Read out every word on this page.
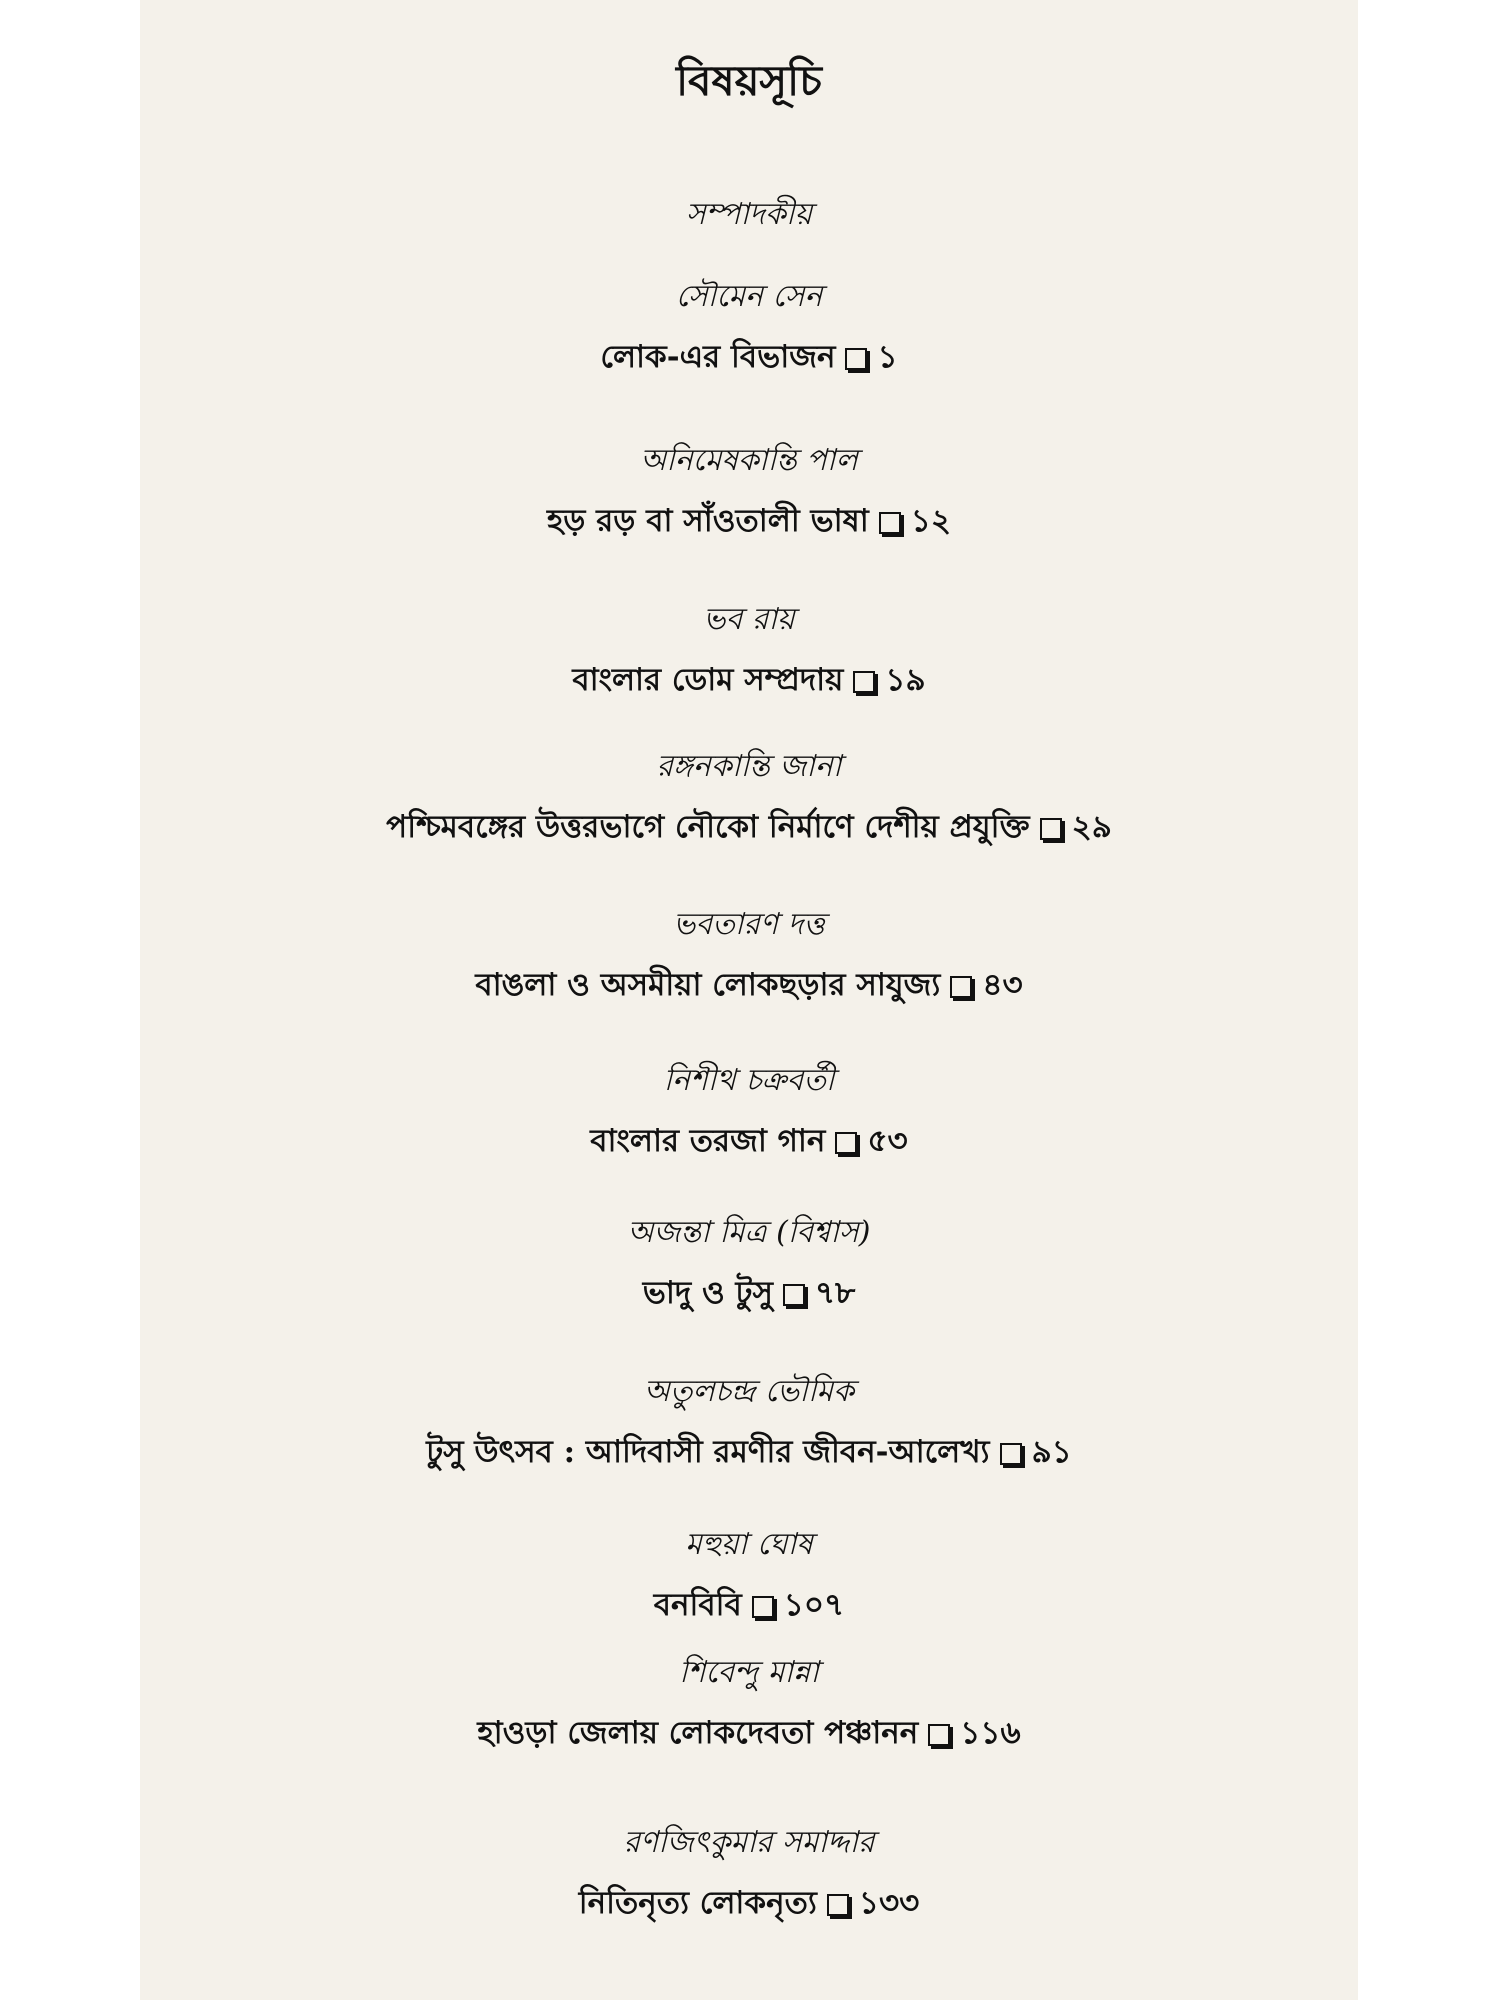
বিষয়সূচি
সম্পাদকীয়
সৌমেন সেন
লোক-এর বিভাজন ১
অনিমেষকান্তি পাল
হড় রড় বা সাঁওতালী ভাষা ১২
ভব রায়
বাংলার ডোম সম্প্রদায় ১৯
রঙ্গনকান্তি জানা
পশ্চিমবঙ্গের উত্তরভাগে নৌকো নির্মাণে দেশীয় প্রযুক্তি ২৯
ভবতারণ দত্ত
বাঙলা ও অসমীয়া লোকছড়ার সাযুজ্য ৪৩
নিশীথ চক্রবর্তী
বাংলার তরজা গান ৫৩
অজন্তা মিত্র (বিশ্বাস)
ভাদু ও টুসু ৭৮
অতুলচন্দ্র ভৌমিক
টুসু উৎসব : আদিবাসী রমণীর জীবন-আলেখ্য ৯১
মহুয়া ঘোষ
বনবিবি ১০৭
শিবেন্দু মান্না
হাওড়া জেলায় লোকদেবতা পঞ্চানন ১১৬
রণজিৎকুমার সমাদ্দার
নিতিনৃত্য লোকনৃত্য ১৩৩
